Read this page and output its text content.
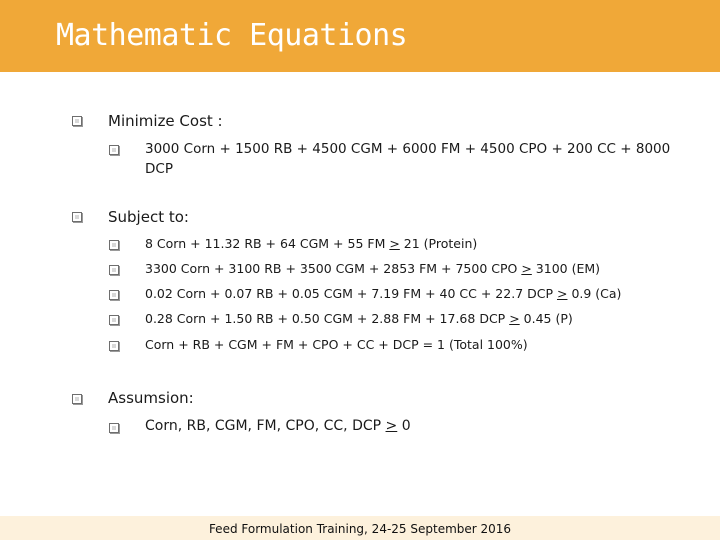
Mathematic Equations
Minimize Cost :
3000 Corn + 1500 RB + 4500 CGM + 6000 FM + 4500 CPO + 200 CC + 8000
DCP
Subject to:
8 Corn + 11.32 RB + 64 CGM + 55 FM ≥ 21 (Protein)
3300 Corn + 3100 RB + 3500 CGM + 2853 FM + 7500 CPO ≥ 3100 (EM)
0.02 Corn + 0.07 RB + 0.05 CGM + 7.19 FM + 40 CC + 22.7 DCP ≥ 0.9 (Ca)
0.28 Corn + 1.50 RB + 0.50 CGM + 2.88 FM + 17.68 DCP ≥ 0.45 (P)
Corn + RB + CGM + FM + CPO + CC + DCP = 1 (Total 100%)
Assumsion:
Corn, RB, CGM, FM, CPO, CC, DCP ≥ 0
Feed Formulation Training, 24-25 September 2016
